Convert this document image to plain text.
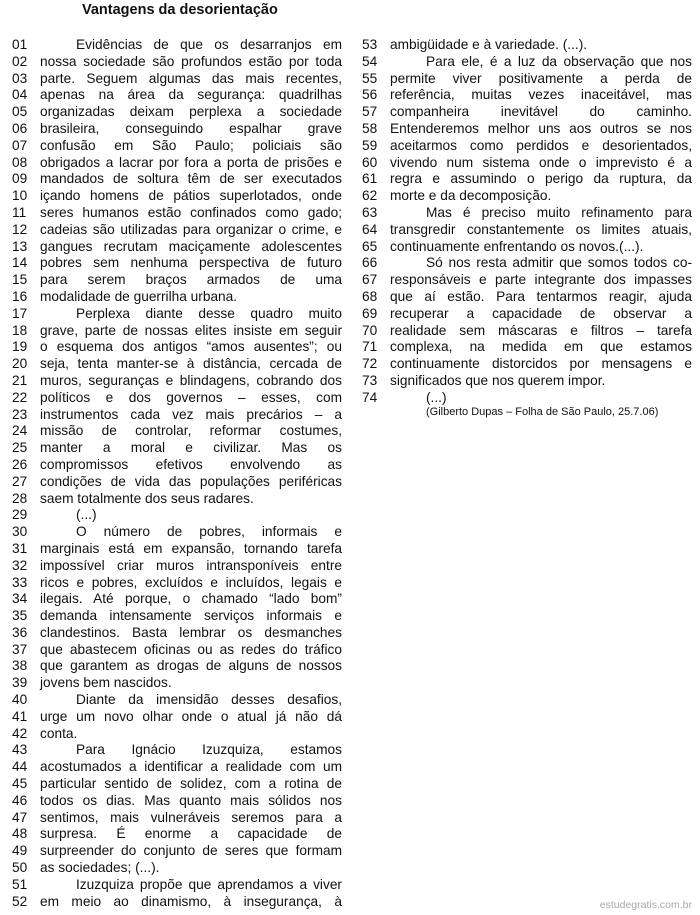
Vantagens da desorientação
01	Evidências de que os desarranjos em
02 nossa sociedade são profundos estão por toda
03 parte. Seguem algumas das mais recentes,
04 apenas na área da segurança: quadrilhas
05 organizadas deixam perplexa a sociedade
06 brasileira, conseguindo espalhar grave
07 confusão em São Paulo; policiais são
08 obrigados a lacrar por fora a porta de prisões e
09 mandados de soltura têm de ser executados
10 içando homens de pátios superlotados, onde
11	seres humanos estão confinados como gado;
12 cadeias são utilizadas para organizar o crime, e
13 gangues recrutam maciçamente adolescentes
14 pobres sem nenhuma perspectiva de futuro
15 para serem braços armados de uma
16 modalidade de guerrilha urbana.
17	Perplexa diante desse quadro muito
18 grave, parte de nossas elites insiste em seguir
19 o esquema dos antigos “amos ausentes”; ou
20 seja, tenta manter-se à distância, cercada de
21 muros, seguranças e blindagens, cobrando dos
22 políticos e dos governos – esses, com
23 instrumentos cada vez mais precários – a
24 missão de controlar, reformar costumes,
25 manter a moral e civilizar. Mas os
26 compromissos efetivos envolvendo as
27 condições de vida das populações periféricas
28 saem totalmente dos seus radares.
29	(...)
30	O número de pobres, informais e
31 marginais está em expansão, tornando tarefa
32 impossível criar muros intransponíveis entre
33 ricos e pobres, excluídos e incluídos, legais e
34 ilegais. Até porque, o chamado “lado bom”
35 demanda intensamente serviços informais e
36 clandestinos. Basta lembrar os desmanches
37 que abastecem oficinas ou as redes do tráfico
38 que garantem as drogas de alguns de nossos
39 jovens bem nascidos.
40	Diante da imensidão desses desafios,
41 urge um novo olhar onde o atual já não dá
42 conta.
43	Para Ignácio Izuzquiza, estamos
44 acostumados a identificar a realidade com um
45 particular sentido de solidez, com a rotina de
46 todos os dias. Mas quanto mais sólidos nos
47 sentimos, mais vulneráveis seremos para a
48 surpresa. É enorme a capacidade de
49 surpreender do conjunto de seres que formam
50 as sociedades; (...).
51	Izuzquiza propõe que aprendamos a viver
52 em meio ao dinamismo, à insegurança, à
53 ambigüidade e à variedade. (...).
54	Para ele, é a luz da observação que nos
55 permite viver positivamente a perda de
56 referência, muitas vezes inaceitável, mas
57 companheira inevitável do caminho.
58 Entenderemos melhor uns aos outros se nos
59 aceitarmos como perdidos e desorientados,
60 vivendo num sistema onde o imprevisto é a
61 regra e assumindo o perigo da ruptura, da
62 morte e da decomposição.
63	Mas é preciso muito refinamento para
64 transgredir constantemente os limites atuais,
65 continuamente enfrentando os novos.(...).
66	Só nos resta admitir que somos todos co-
67 responsáveis e parte integrante dos impasses
68 que aí estão. Para tentarmos reagir, ajuda
69 recuperar a capacidade de observar a
70 realidade sem máscaras e filtros – tarefa
71 complexa, na medida em que estamos
72 continuamente distorcidos por mensagens e
73 significados que nos querem impor.
74	(...)
(Gilberto Dupas – Folha de São Paulo, 25.7.06)
estudegratis.com.br
